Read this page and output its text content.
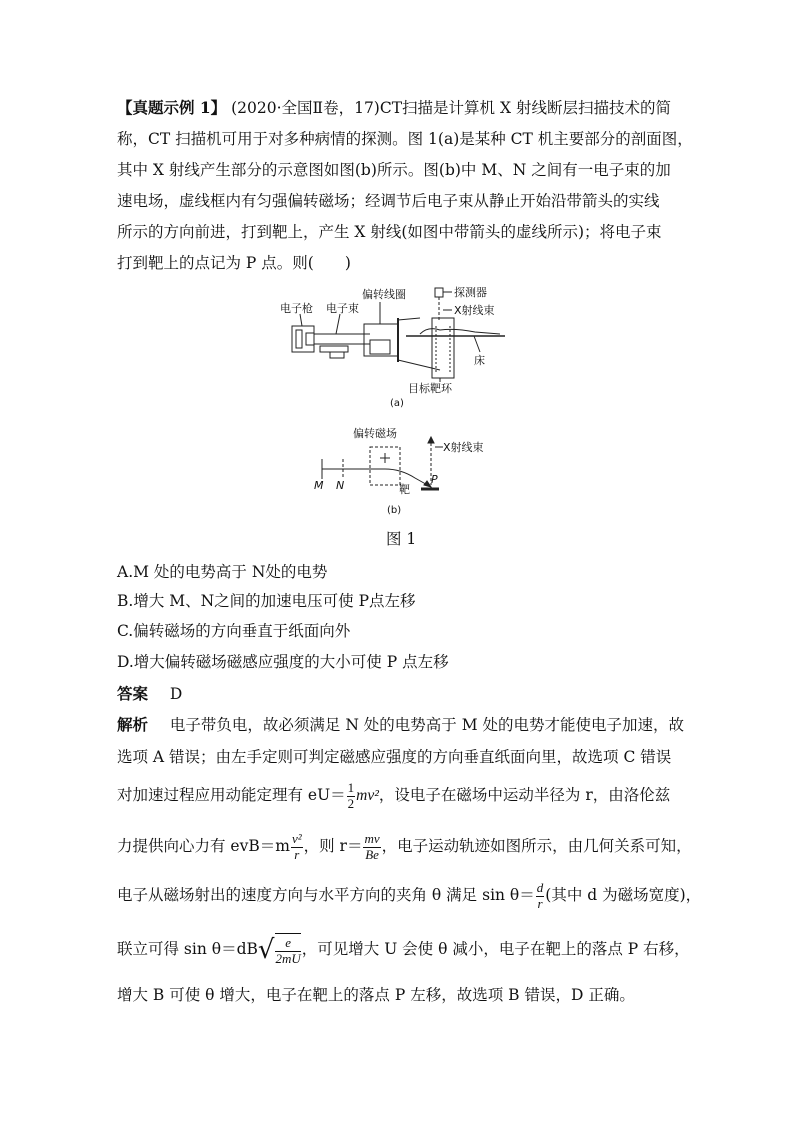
【真题示例 1】 (2020·全国Ⅱ卷，17)CT扫描是计算机 X 射线断层扫描技术的简
称，CT 扫描机可用于对多种病情的探测。图 1(a)是某种 CT 机主要部分的剖面图，
其中 X 射线产生部分的示意图如图(b)所示。图(b)中 M、N 之间有一电子束的加
速电场，虚线框内有匀强偏转磁场；经调节后电子束从静止开始沿带箭头的实线
所示的方向前进，打到靶上，产生 X 射线(如图中带箭头的虚线所示)；将电子束
打到靶上的点记为 P 点。则(　　)
电子枪 电子束
偏转线圈	探测器
X射线束
床
目标靶环
(a)
偏转磁场
X射线束
M N	靶
P
(b)
图 1
A.M 处的电势高于 N处的电势
B.增大 M、N之间的加速电压可使 P点左移
C.偏转磁场的方向垂直于纸面向外
D.增大偏转磁场磁感应强度的大小可使 P 点左移
答案 D
解析 电子带负电，故必须满足 N 处的电势高于 M 处的电势才能使电子加速，故
选项 A 错误；由左手定则可判定磁感应强度的方向垂直纸面向里，故选项 C 错误
对加速过程应用动能定理有 $eU= \frac{1}{2} mv^2$，设电子在磁场中运动半径为 r，由洛伦兹
力提供向心力有 $evB=m \frac{\text{v²}}{r}$ ，则 $r= \frac{mv}{Be}$ ，电子运动轨迹如图所示，由几何关系可知，
电子从磁场射出的速度方向与水平方向的夹角 θ 满足 $\sin \theta= \frac{d}{r}$ (其中 d 为磁场宽度)，
联立可得 $\sin \theta=dB√ \frac{e}{2mU}$ ，可见增大 U 会使 θ 减小，电子在靶上的落点 P 右移，
增大 B 可使 θ 增大，电子在靶上的落点 P 左移，故选项 B 错误，D 正确。
